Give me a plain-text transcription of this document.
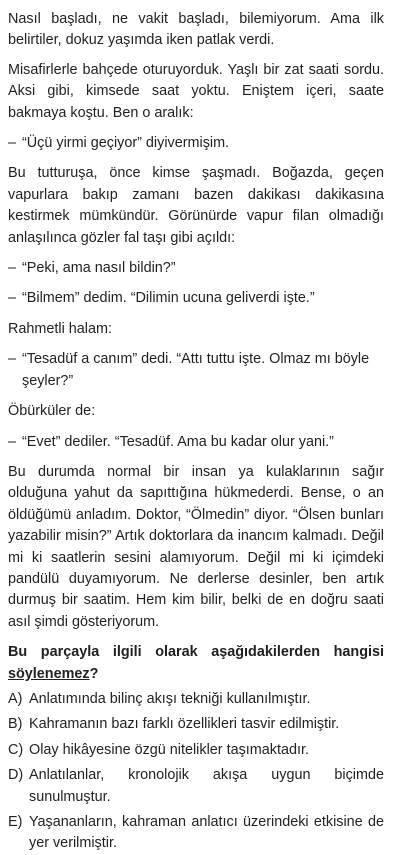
Nasıl başladı, ne vakit başladı, bilemiyorum. Ama ilk belirtiler, dokuz yaşımda iken patlak verdi.

Misafirlerle bahçede oturuyorduk. Yaşlı bir zat saati sordu. Aksi gibi, kimsede saat yoktu. Eniştem içeri, saate bakmaya koştu. Ben o aralık:

– “Üçü yirmi geçiyor” diyivermişim.

Bu tutturuşa, önce kimse şaşmadı. Boğazda, geçen vapurlara bakıp zamanı bazen dakikası dakikasına kestirmek mümkündür. Görünürde vapur filan olmadığı anlaşılınca gözler fal taşı gibi açıldı:

– “Peki, ama nasıl bildin?”

– “Bilmem” dedim. “Dilimin ucuna geliverdi işte.”

Rahmetli halam:

– “Tesadüf a canım” dedi. “Attı tuttu işte. Olmaz mı böyle şeyler?”

Öbürküler de:

– “Evet” dediler. “Tesadüf. Ama bu kadar olur yani.”

Bu durumda normal bir insan ya kulaklarının sağır olduğuna yahut da sapıttığına hükmederdi. Bense, o an öldüğümü anladım. Doktor, “Ölmedin” diyor. “Ölsen bunları yazabilir misin?” Artık doktorlara da inancım kalmadı. Değil mi ki saatlerin sesini alamıyorum. Değil mi ki içimdeki pandülü duyamıyorum. Ne derlerse desinler, ben artık durmuş bir saatim. Hem kim bilir, belki de en doğru saati asıl şimdi gösteriyorum.

Bu parçayla ilgili olarak aşağıdakilerden hangisi söylenemez?

A) Anlatımında bilinç akışı tekniği kullanılmıştır.
B) Kahramanın bazı farklı özellikleri tasvir edilmiştir.
C) Olay hikâyesine özgü nitelikler taşımaktadır.
D) Anlatılanlar, kronolojik akışa uygun biçimde sunulmuştur.
E) Yaşananların, kahraman anlatıcı üzerindeki etkisine de yer verilmiştir.
